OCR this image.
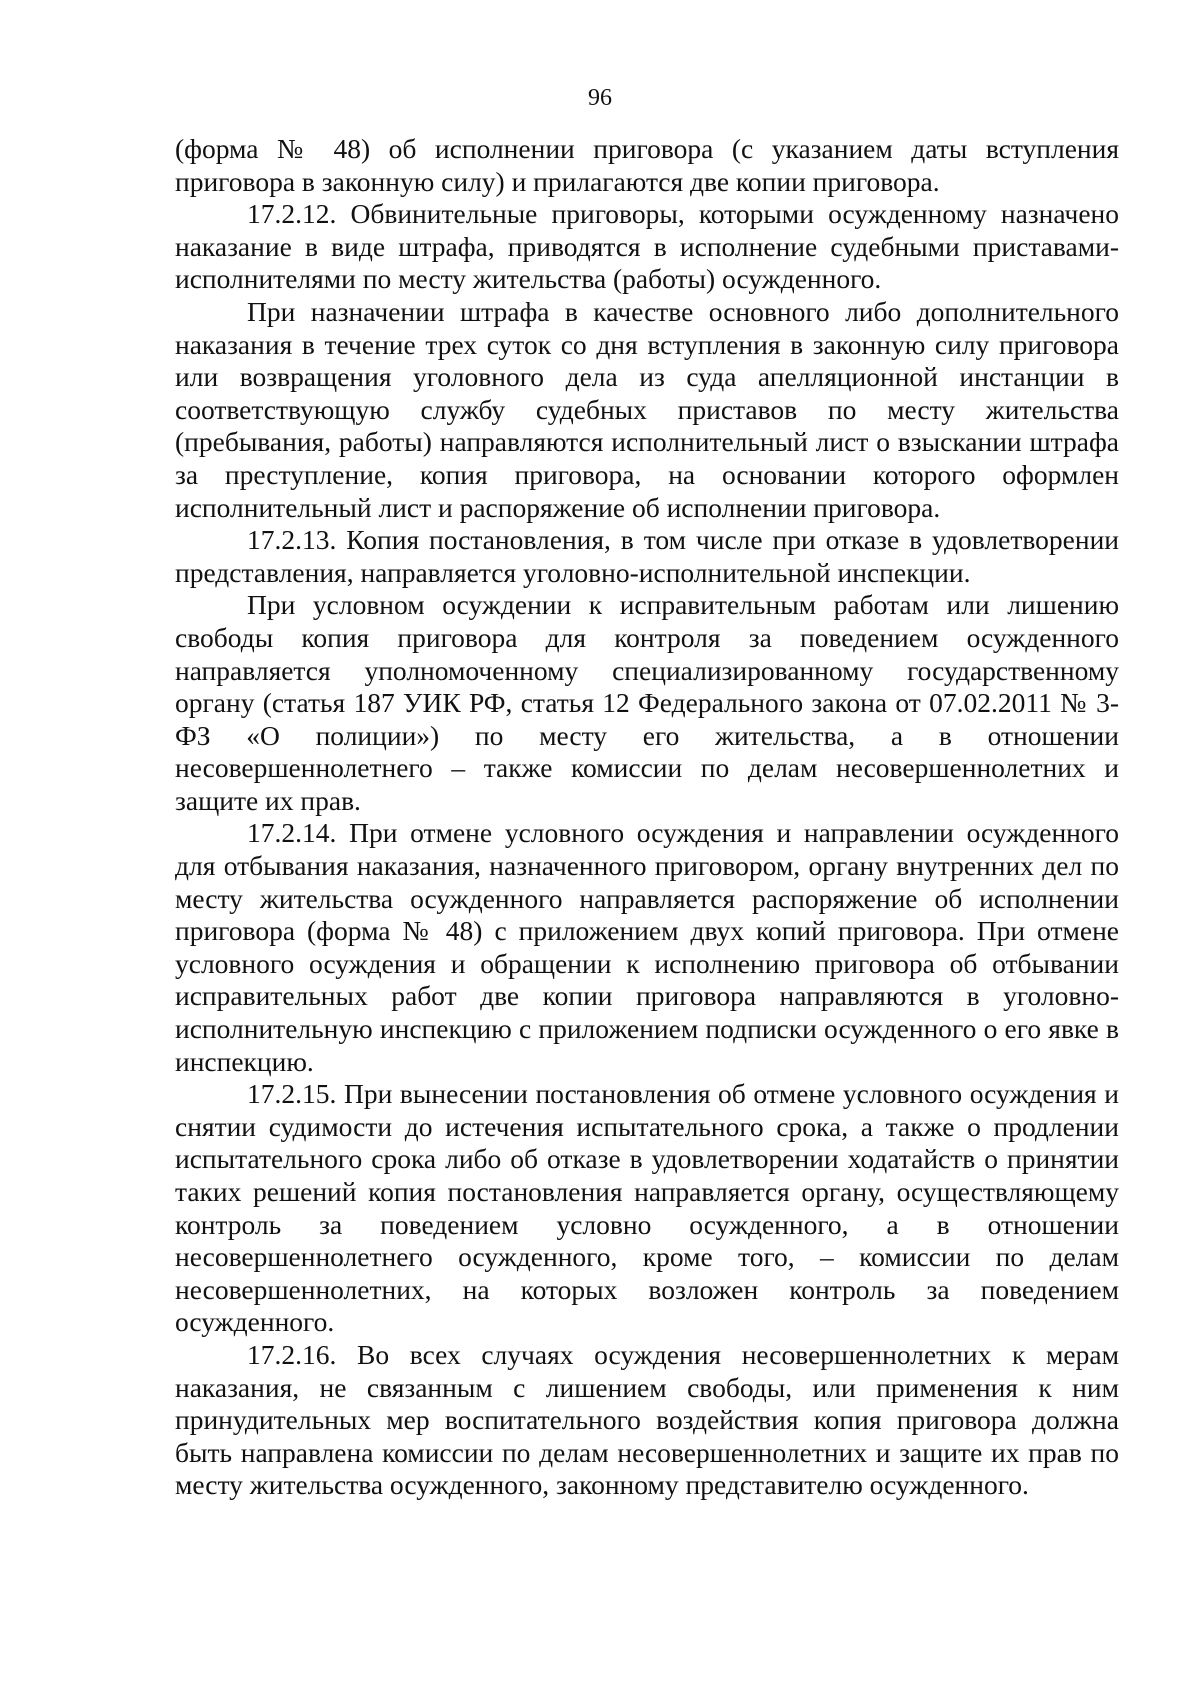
96

(форма № 48) об исполнении приговора (с указанием даты вступления приговора в законную силу) и прилагаются две копии приговора.

17.2.12. Обвинительные приговоры, которыми осужденному назначено наказание в виде штрафа, приводятся в исполнение судебными приставами-исполнителями по месту жительства (работы) осужденного.

При назначении штрафа в качестве основного либо дополнительного наказания в течение трех суток со дня вступления в законную силу приговора или возвращения уголовного дела из суда апелляционной инстанции в соответствующую службу судебных приставов по месту жительства (пребывания, работы) направляются исполнительный лист о взыскании штрафа за преступление, копия приговора, на основании которого оформлен исполнительный лист и распоряжение об исполнении приговора.

17.2.13. Копия постановления, в том числе при отказе в удовлетворении представления, направляется уголовно-исполнительной инспекции.

При условном осуждении к исправительным работам или лишению свободы копия приговора для контроля за поведением осужденного направляется уполномоченному специализированному государственному органу (статья 187 УИК РФ, статья 12 Федерального закона от 07.02.2011 № 3-ФЗ «О полиции») по месту его жительства, а в отношении несовершеннолетнего – также комиссии по делам несовершеннолетних и защите их прав.

17.2.14. При отмене условного осуждения и направлении осужденного для отбывания наказания, назначенного приговором, органу внутренних дел по месту жительства осужденного направляется распоряжение об исполнении приговора (форма № 48) с приложением двух копий приговора. При отмене условного осуждения и обращении к исполнению приговора об отбывании исправительных работ две копии приговора направляются в уголовно-исполнительную инспекцию с приложением подписки осужденного о его явке в инспекцию.

17.2.15. При вынесении постановления об отмене условного осуждения и снятии судимости до истечения испытательного срока, а также о продлении испытательного срока либо об отказе в удовлетворении ходатайств о принятии таких решений копия постановления направляется органу, осуществляющему контроль за поведением условно осужденного, а в отношении несовершеннолетнего осужденного, кроме того, – комиссии по делам несовершеннолетних, на которых возложен контроль за поведением осужденного.

17.2.16. Во всех случаях осуждения несовершеннолетних к мерам наказания, не связанным с лишением свободы, или применения к ним принудительных мер воспитательного воздействия копия приговора должна быть направлена комиссии по делам несовершеннолетних и защите их прав по месту жительства осужденного, законному представителю осужденного.
